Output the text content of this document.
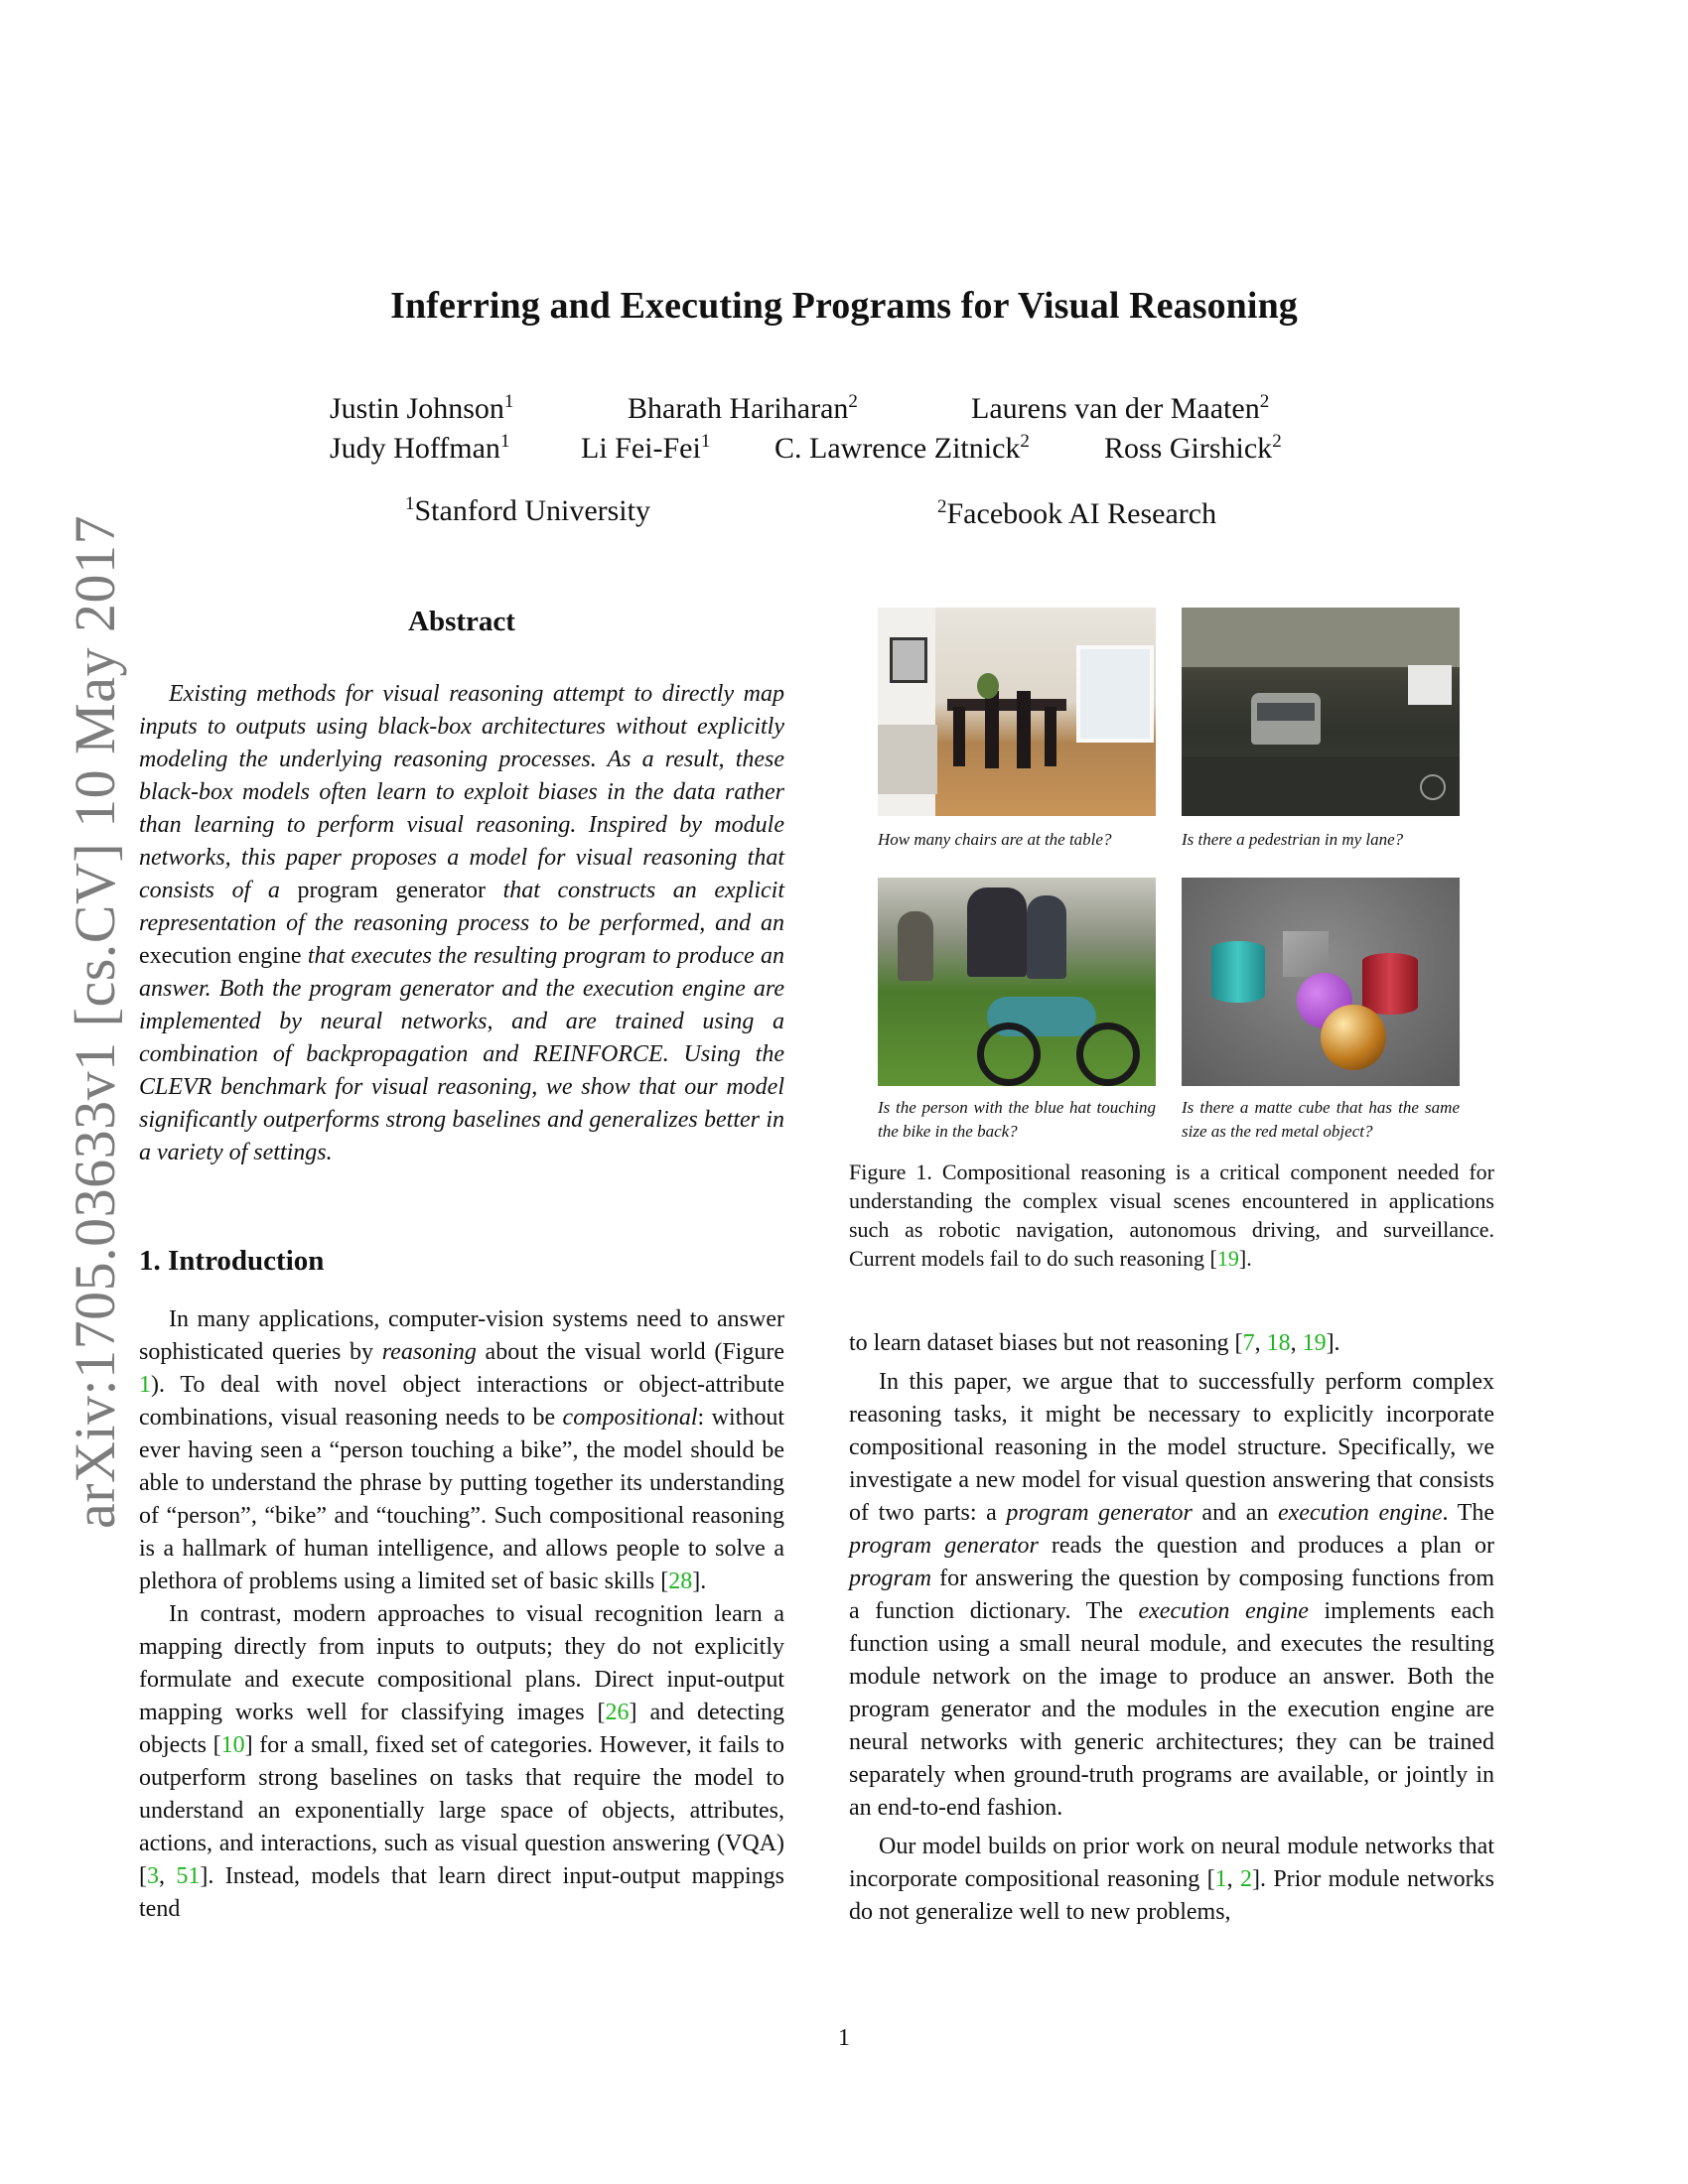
arXiv:1705.03633v1 [cs.CV] 10 May 2017
Inferring and Executing Programs for Visual Reasoning
Justin Johnson$^1$	Bharath Hariharan$^2$	Laurens van der Maaten$^2$
Judy Hoffman$^1$ Li Fei-Fei$^1$ C. Lawrence Zitnick$^2$	Ross Girshick$^2$
$^1$Stanford University	$^2$Facebook AI Research
Abstract

Existing methods for visual reasoning attempt to directly map inputs to outputs using black-box architectures without explicitly modeling the underlying reasoning processes. As a result, these black-box models often learn to exploit biases in the data rather than learning to perform visual reasoning. Inspired by module networks, this paper proposes a model for visual reasoning that consists of a program generator that constructs an explicit representation of the reasoning process to be performed, and an execution engine that executes the resulting program to produce an answer. Both the program generator and the execution engine are implemented by neural networks, and are trained using a combination of backpropagation and REINFORCE. Using the CLEVR benchmark for visual reasoning, we show that our model significantly outperforms strong baselines and generalizes better in a variety of settings.

1. Introduction

In many applications, computer-vision systems need to answer sophisticated queries by reasoning about the visual world (Figure 1). To deal with novel object interactions or object-attribute combinations, visual reasoning needs to be compositional: without ever having seen a “person touching a bike”, the model should be able to understand the phrase by putting together its understanding of “person”, “bike” and “touching”. Such compositional reasoning is a hallmark of human intelligence, and allows people to solve a plethora of problems using a limited set of basic skills [28].

In contrast, modern approaches to visual recognition learn a mapping directly from inputs to outputs; they do not explicitly formulate and execute compositional plans. Direct input-output mapping works well for classifying images [26] and detecting objects [10] for a small, fixed set of categories. However, it fails to outperform strong baselines on tasks that require the model to understand an exponentially large space of objects, attributes, actions, and interactions, such as visual question answering (VQA) [3, 51]. Instead, models that learn direct input-output mappings tend

How many chairs are at the table?	Is there a pedestrian in my lane?
Is the person with the blue hat touching the bike in the back?
Is there a matte cube that has the same size as the red metal object?
Figure 1. Compositional reasoning is a critical component needed for understanding the complex visual scenes encountered in applications such as robotic navigation, autonomous driving, and surveillance. Current models fail to do such reasoning [19].

to learn dataset biases but not reasoning [7, 18, 19].

In this paper, we argue that to successfully perform complex reasoning tasks, it might be necessary to explicitly incorporate compositional reasoning in the model structure. Specifically, we investigate a new model for visual question answering that consists of two parts: a program generator and an execution engine. The program generator reads the question and produces a plan or program for answering the question by composing functions from a function dictionary. The execution engine implements each function using a small neural module, and executes the resulting module network on the image to produce an answer. Both the program generator and the modules in the execution engine are neural networks with generic architectures; they can be trained separately when ground-truth programs are available, or jointly in an end-to-end fashion.

Our model builds on prior work on neural module networks that incorporate compositional reasoning [1, 2]. Prior module networks do not generalize well to new problems,

1
